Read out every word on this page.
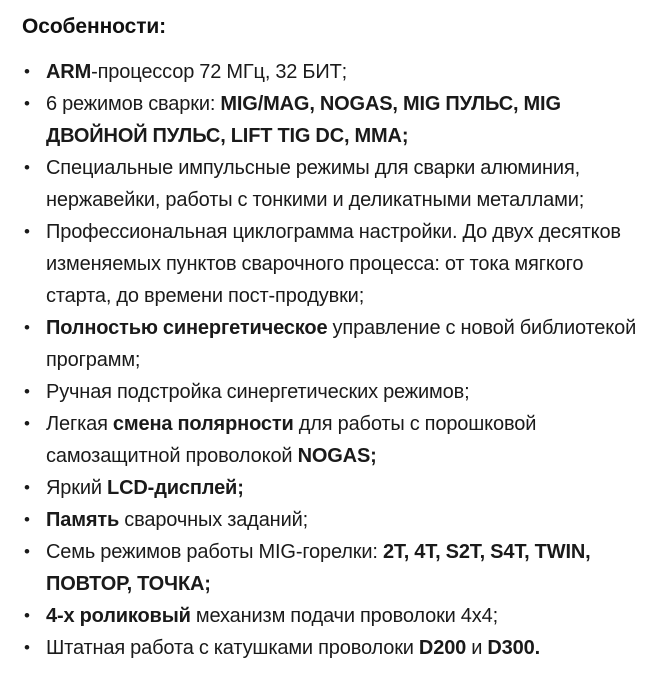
Особенности:
• ARM-процессор 72 МГц, 32 БИТ;
• 6 режимов сварки: MIG/MAG, NOGAS, MIG ПУЛЬС, MIG ДВОЙНОЙ ПУЛЬС, LIFT TIG DC, MMA;
• Специальные импульсные режимы для сварки алюминия, нержавейки, работы с тонкими и деликатными металлами;
• Профессиональная циклограмма настройки. До двух десятков изменяемых пунктов сварочного процесса: от тока мягкого старта, до времени пост-продувки;
• Полностью синергетическое управление с новой библиотекой программ;
• Ручная подстройка синергетических режимов;
• Легкая смена полярности для работы с порошковой самозащитной проволокой NOGAS;
• Яркий LCD-дисплей;
• Память сварочных заданий;
• Семь режимов работы MIG-горелки: 2T, 4T, S2T, S4T, TWIN, ПОВТОР, ТОЧКА;
• 4-х роликовый механизм подачи проволоки 4х4;
• Штатная работа с катушками проволоки D200 и D300.
